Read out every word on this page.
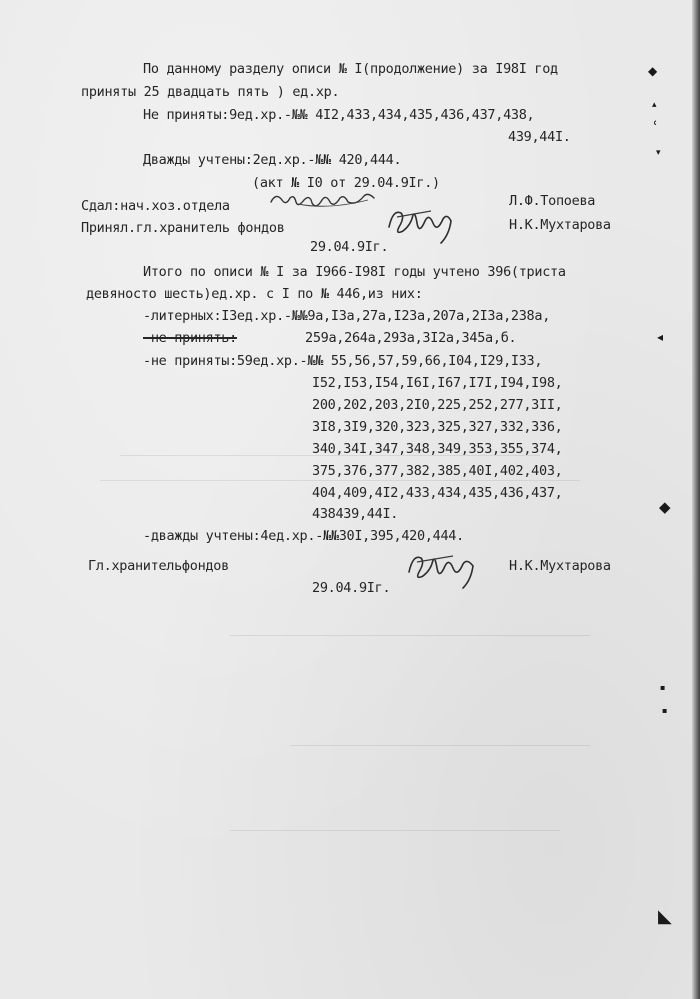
По данному разделу описи № I(продолжение) за I98I год
приняты 25 двадцать пять ) ед.хр.
Не приняты:9ед.хр.-№№ 4I2,433,434,435,436,437,438,
439,44I.
Дважды учтены:2ед.хр.-№№ 420,444.
(акт № I0 от 29.04.9Iг.)
Сдал:нач.хоз.отдела	Л.Ф.Топоева
Принял.гл.хранитель фондов	Н.К.Мухтарова
29.04.9Iг.
Итого по описи № I за I966-I98I годы учтено 396(триста
девяносто шесть)ед.хр. с I по № 446,из них:
-литерных:I3ед.хр.-№№9а,I3а,27а,I23а,207а,2I3а,238а,
-не принять:	259а,264а,293а,3I2а,345а,б.
-не приняты:59ед.хр.-№№ 55,56,57,59,66,I04,I29,I33,
I52,I53,I54,I6I,I67,I7I,I94,I98,
200,202,203,2I0,225,252,277,3II,
3I8,3I9,320,323,325,327,332,336,
340,34I,347,348,349,353,355,374,
375,376,377,382,385,40I,402,403,
404,409,4I2,433,434,435,436,437,
438439,44I.
-дважды учтены:4ед.хр.-№№30I,395,420,444.
Гл.хранительфондов	Н.К.Мухтарова
29.04.9Iг.
◆
▴
ʿ
▾
◂
◆
▪
▪
◣
